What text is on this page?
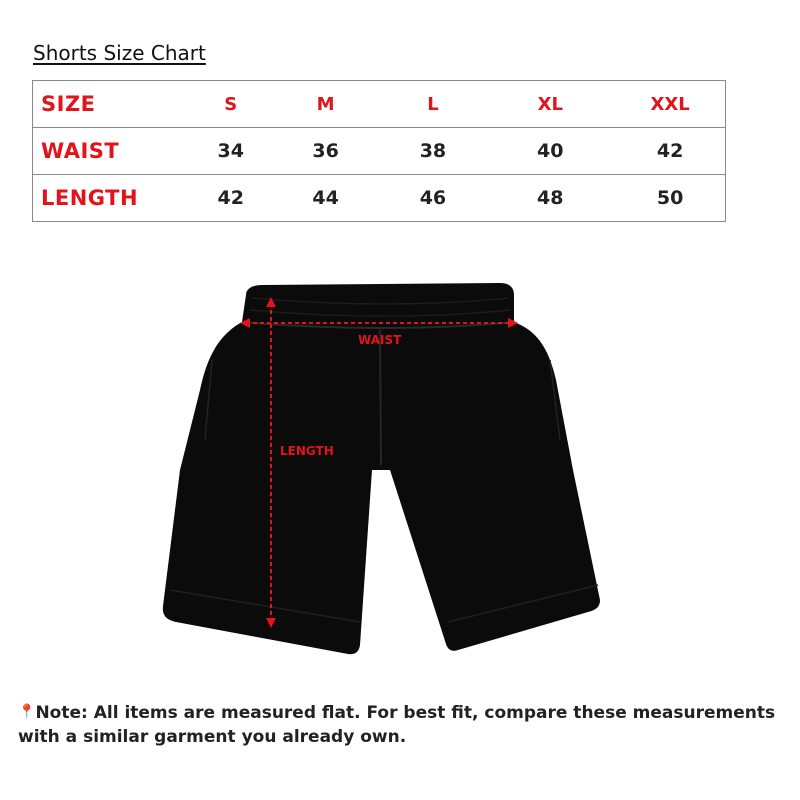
Shorts Size Chart
SIZE	S	M	L	XL	XXL

WAIST	34	36	38	40	42

LENGTH	42	44	46	48	50
WAIST
LENGTH
📍Note: All items are measured flat. For best fit, compare these measurements with a similar garment you already own.
